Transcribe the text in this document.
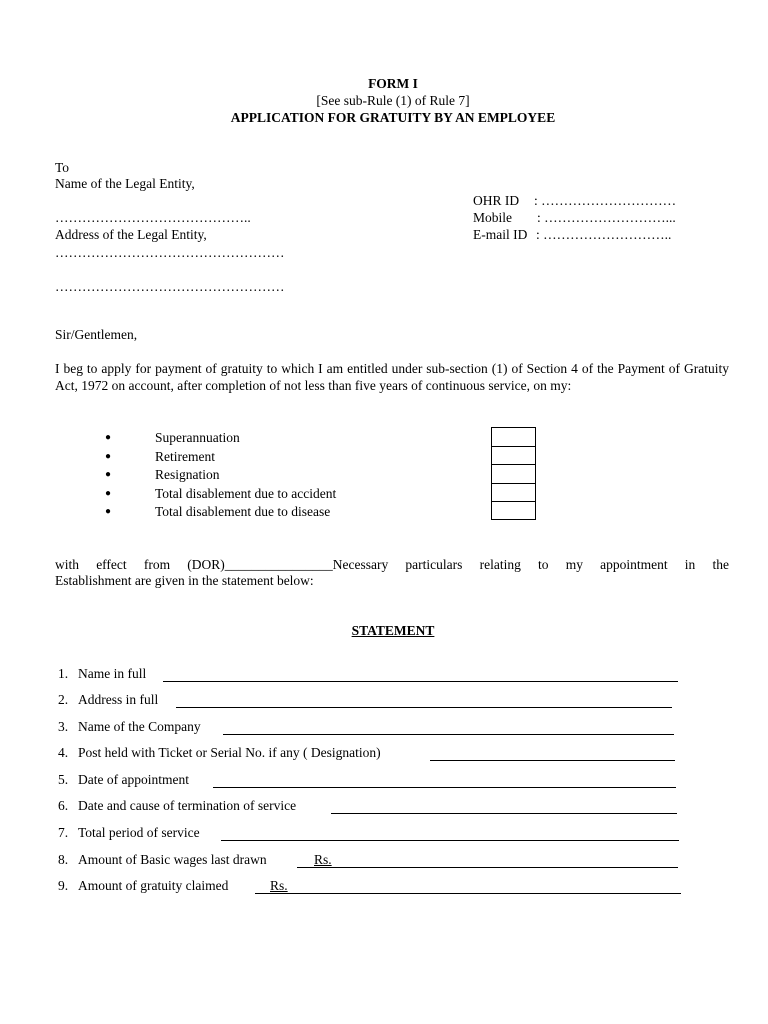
FORM I
[See sub-Rule (1) of Rule 7]
APPLICATION FOR GRATUITY BY AN EMPLOYEE
To
Name of the Legal Entity,
……………………………………..
Address of the Legal Entity,
……………………………………………
……………………………………………
OHR ID : …………………………
Mobile : ………………………...
E-mail ID : ………………………..
Sir/Gentlemen,
I beg to apply for payment of gratuity to which I am entitled under sub-section (1) of Section 4 of the Payment of Gratuity Act, 1972 on account, after completion of not less than five years of continuous service, on my:
●	Superannuation
●	Retirement
●	Resignation
●	Total disablement due to accident
●	Total disablement due to disease
with effect from (DOR)________________Necessary particulars relating to my appointment in the
Establishment are given in the statement below:
STATEMENT
1. Name in full
2. Address in full
3. Name of the Company
4. Post held with Ticket or Serial No. if any ( Designation)
5. Date of appointment
6. Date and cause of termination of service
7. Total period of service
8. Amount of Basic wages last drawn	Rs.
9. Amount of gratuity claimed	Rs.
